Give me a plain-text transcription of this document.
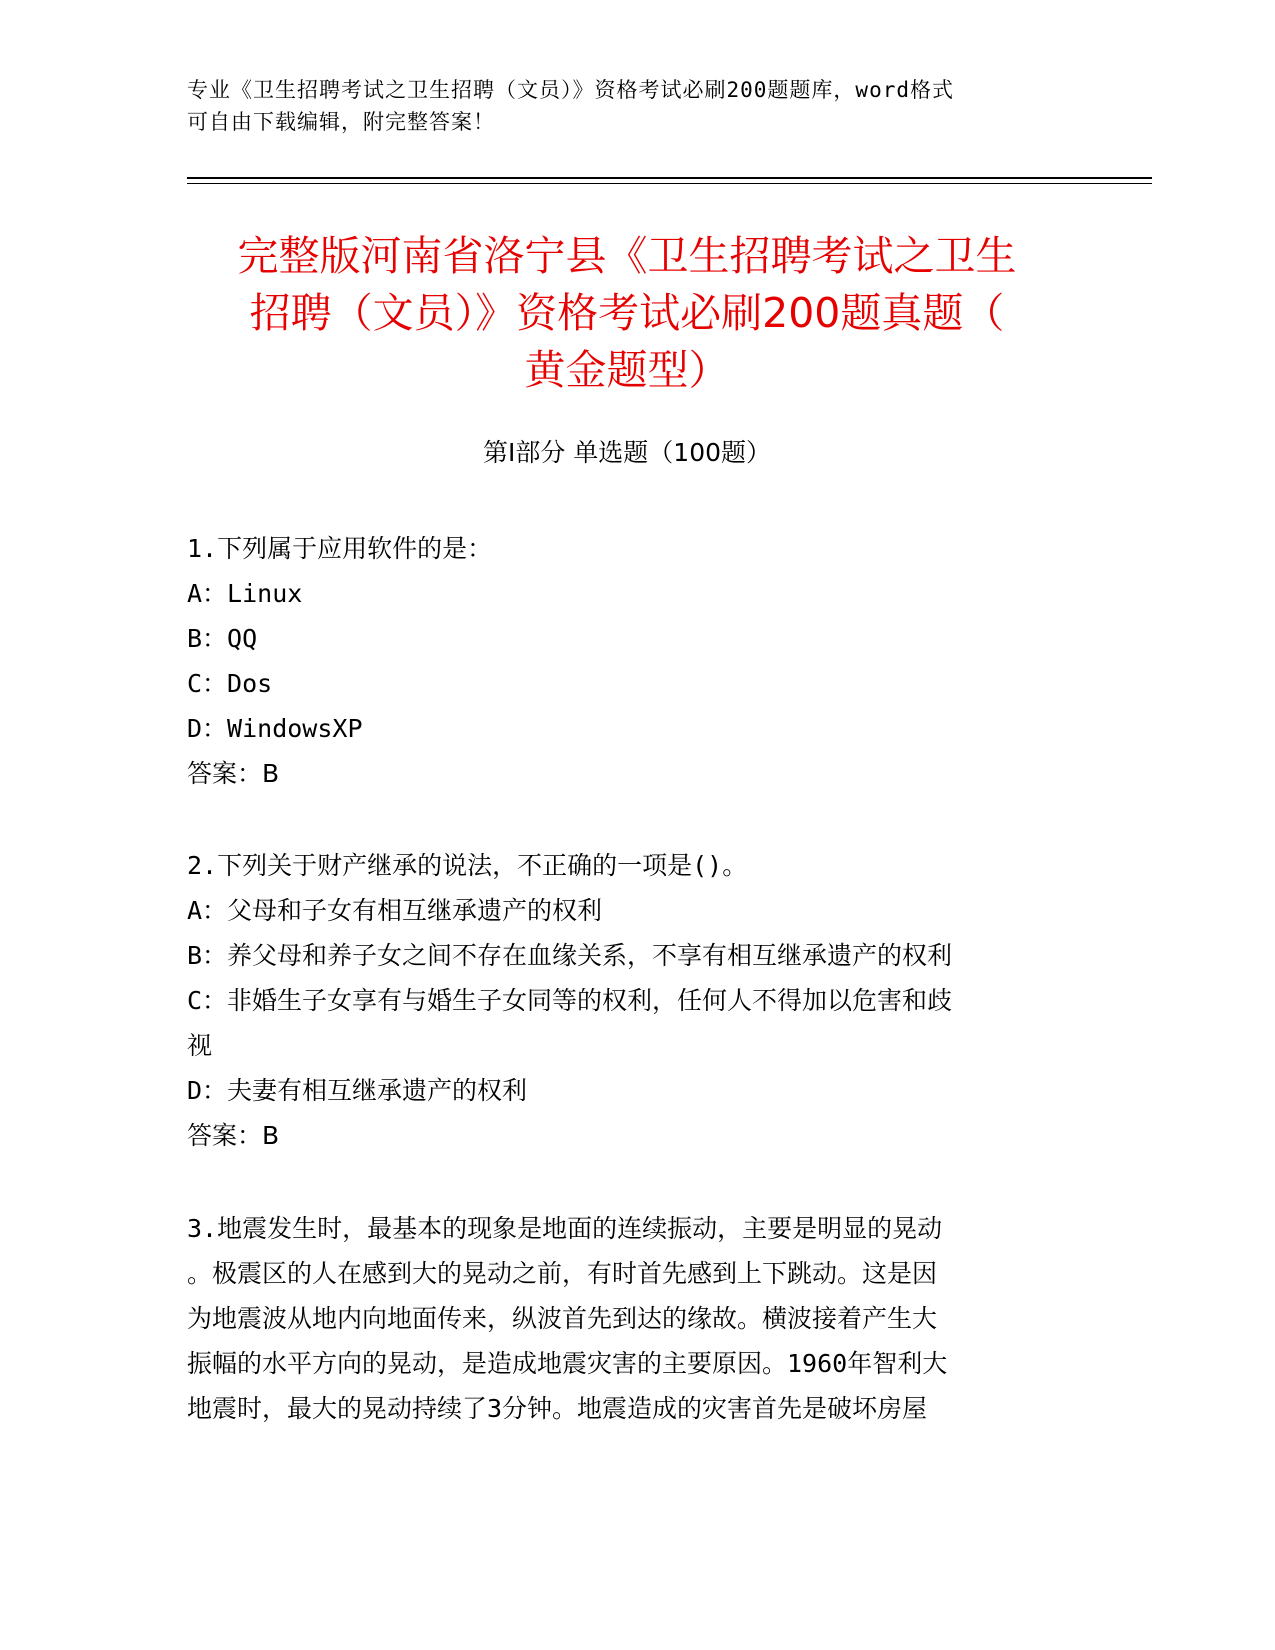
专业《卫生招聘考试之卫生招聘（文员）》资格考试必刷200题题库，word格式
可自由下载编辑，附完整答案！
完整版河南省洛宁县《卫生招聘考试之卫生
招聘（文员）》资格考试必刷200题真题（
黄金题型）
第Ⅰ部分 单选题（100题）
1.下列属于应用软件的是：
A：Linux
B：QQ
C：Dos
D：WindowsXP
答案：B
2.下列关于财产继承的说法，不正确的一项是()。
A：父母和子女有相互继承遗产的权利
B：养父母和养子女之间不存在血缘关系，不享有相互继承遗产的权利
C：非婚生子女享有与婚生子女同等的权利，任何人不得加以危害和歧
视
D：夫妻有相互继承遗产的权利
答案：B
3.地震发生时，最基本的现象是地面的连续振动，主要是明显的晃动
。极震区的人在感到大的晃动之前，有时首先感到上下跳动。这是因
为地震波从地内向地面传来，纵波首先到达的缘故。横波接着产生大
振幅的水平方向的晃动，是造成地震灾害的主要原因。1960年智利大
地震时，最大的晃动持续了3分钟。地震造成的灾害首先是破坏房屋
